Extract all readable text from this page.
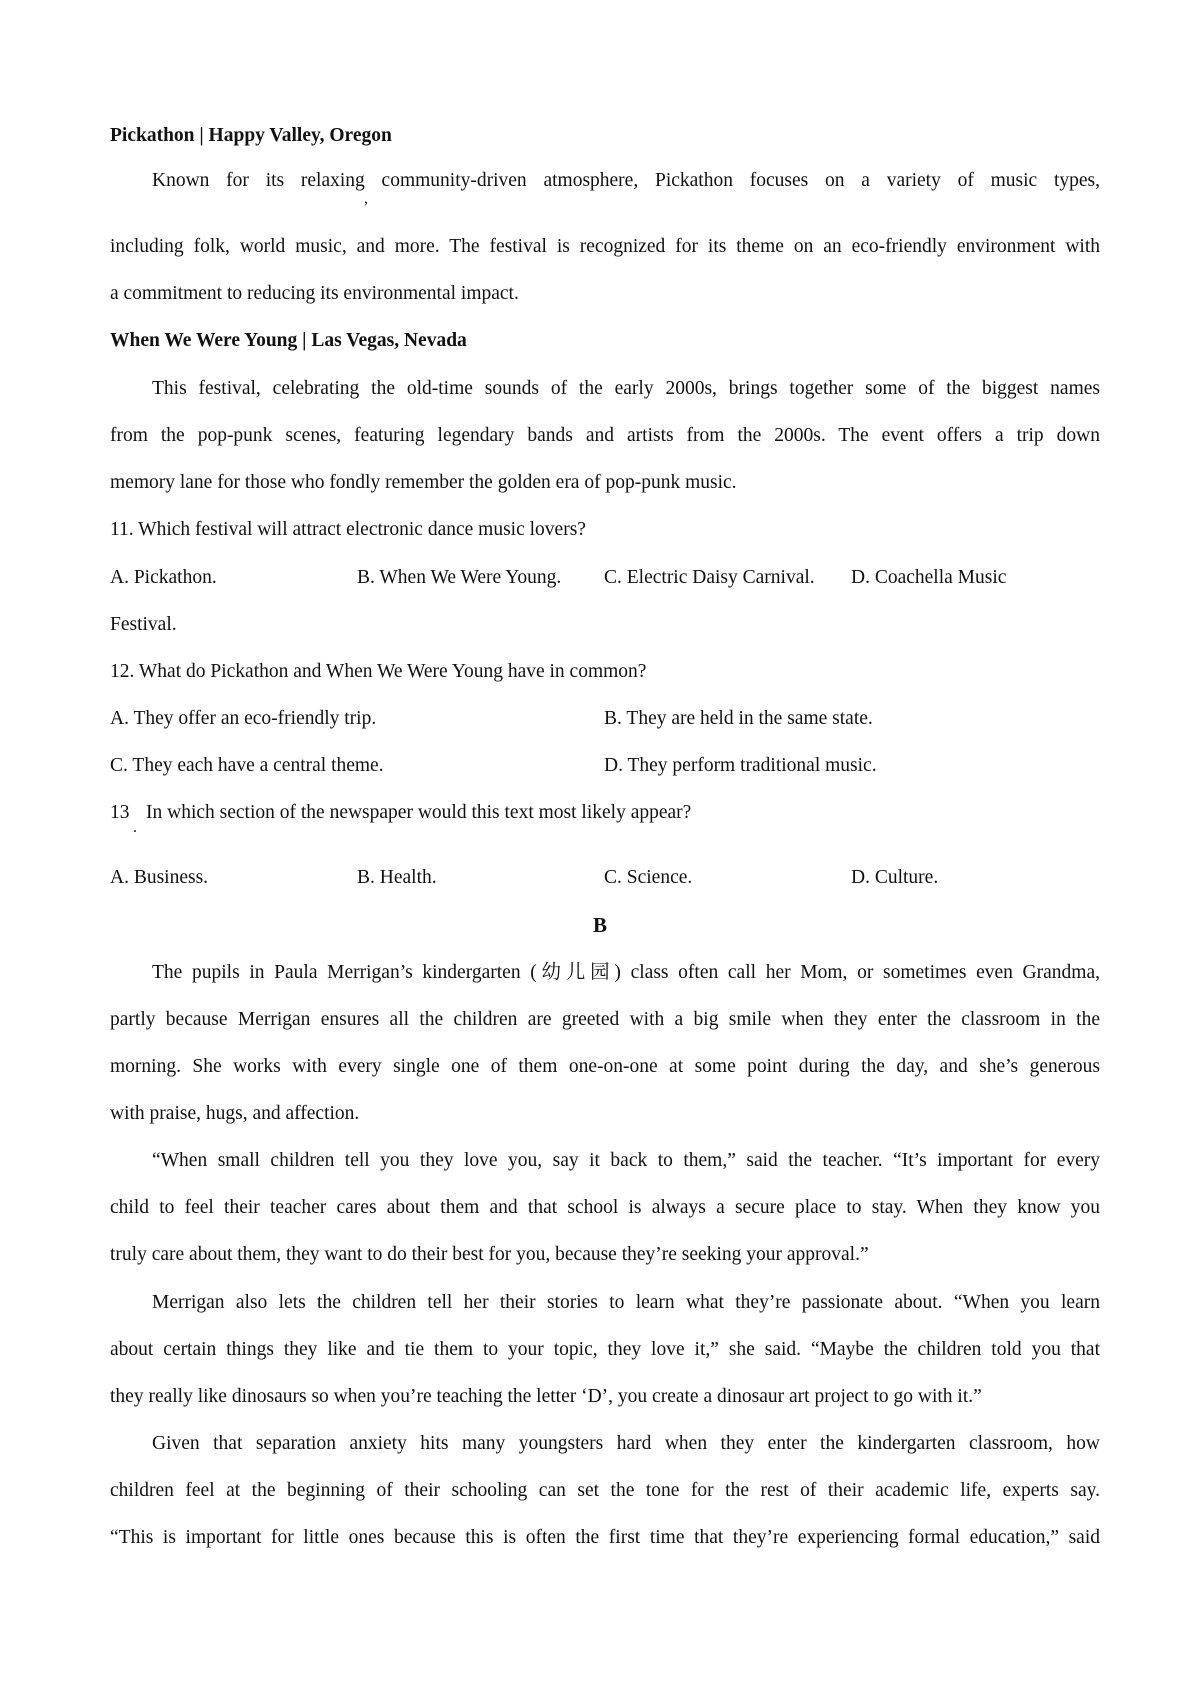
Pickathon | Happy Valley, Oregon
Known for its relaxing community-driven atmosphere, Pickathon focuses on a variety of music types,
,
including folk, world music, and more. The festival is recognized for its theme on an eco-friendly environment with
a commitment to reducing its environmental impact.
When We Were Young | Las Vegas, Nevada
This festival, celebrating the old-time sounds of the early 2000s, brings together some of the biggest names
from the pop-punk scenes, featuring legendary bands and artists from the 2000s. The event offers a trip down
memory lane for those who fondly remember the golden era of pop-punk music.
11. Which festival will attract electronic dance music lovers?
A. Pickathon.	B. When We Were Young. C. Electric Daisy Carnival. D. Coachella Music
Festival.
12. What do Pickathon and When We Were Young have in common?
A. They offer an eco-friendly trip.	B. They are held in the same state.
C. They each have a central theme.	D. They perform traditional music.
13
.
In which section of the newspaper would this text most likely appear?
A. Business.	B. Health.	C. Science.	D. Culture.
B
The pupils in Paula Merrigan’s kindergarten (幼儿园) class often call her Mom, or sometimes even Grandma,
partly because Merrigan ensures all the children are greeted with a big smile when they enter the classroom in the
morning. She works with every single one of them one-on-one at some point during the day, and she’s generous
with praise, hugs, and affection.
“When small children tell you they love you, say it back to them,” said the teacher. “It’s important for every
child to feel their teacher cares about them and that school is always a secure place to stay. When they know you
truly care about them, they want to do their best for you, because they’re seeking your approval.”
Merrigan also lets the children tell her their stories to learn what they’re passionate about. “When you learn
about certain things they like and tie them to your topic, they love it,” she said. “Maybe the children told you that
they really like dinosaurs so when you’re teaching the letter ‘D’, you create a dinosaur art project to go with it.”
Given that separation anxiety hits many youngsters hard when they enter the kindergarten classroom, how
children feel at the beginning of their schooling can set the tone for the rest of their academic life, experts say.
“This is important for little ones because this is often the first time that they’re experiencing formal education,” said
